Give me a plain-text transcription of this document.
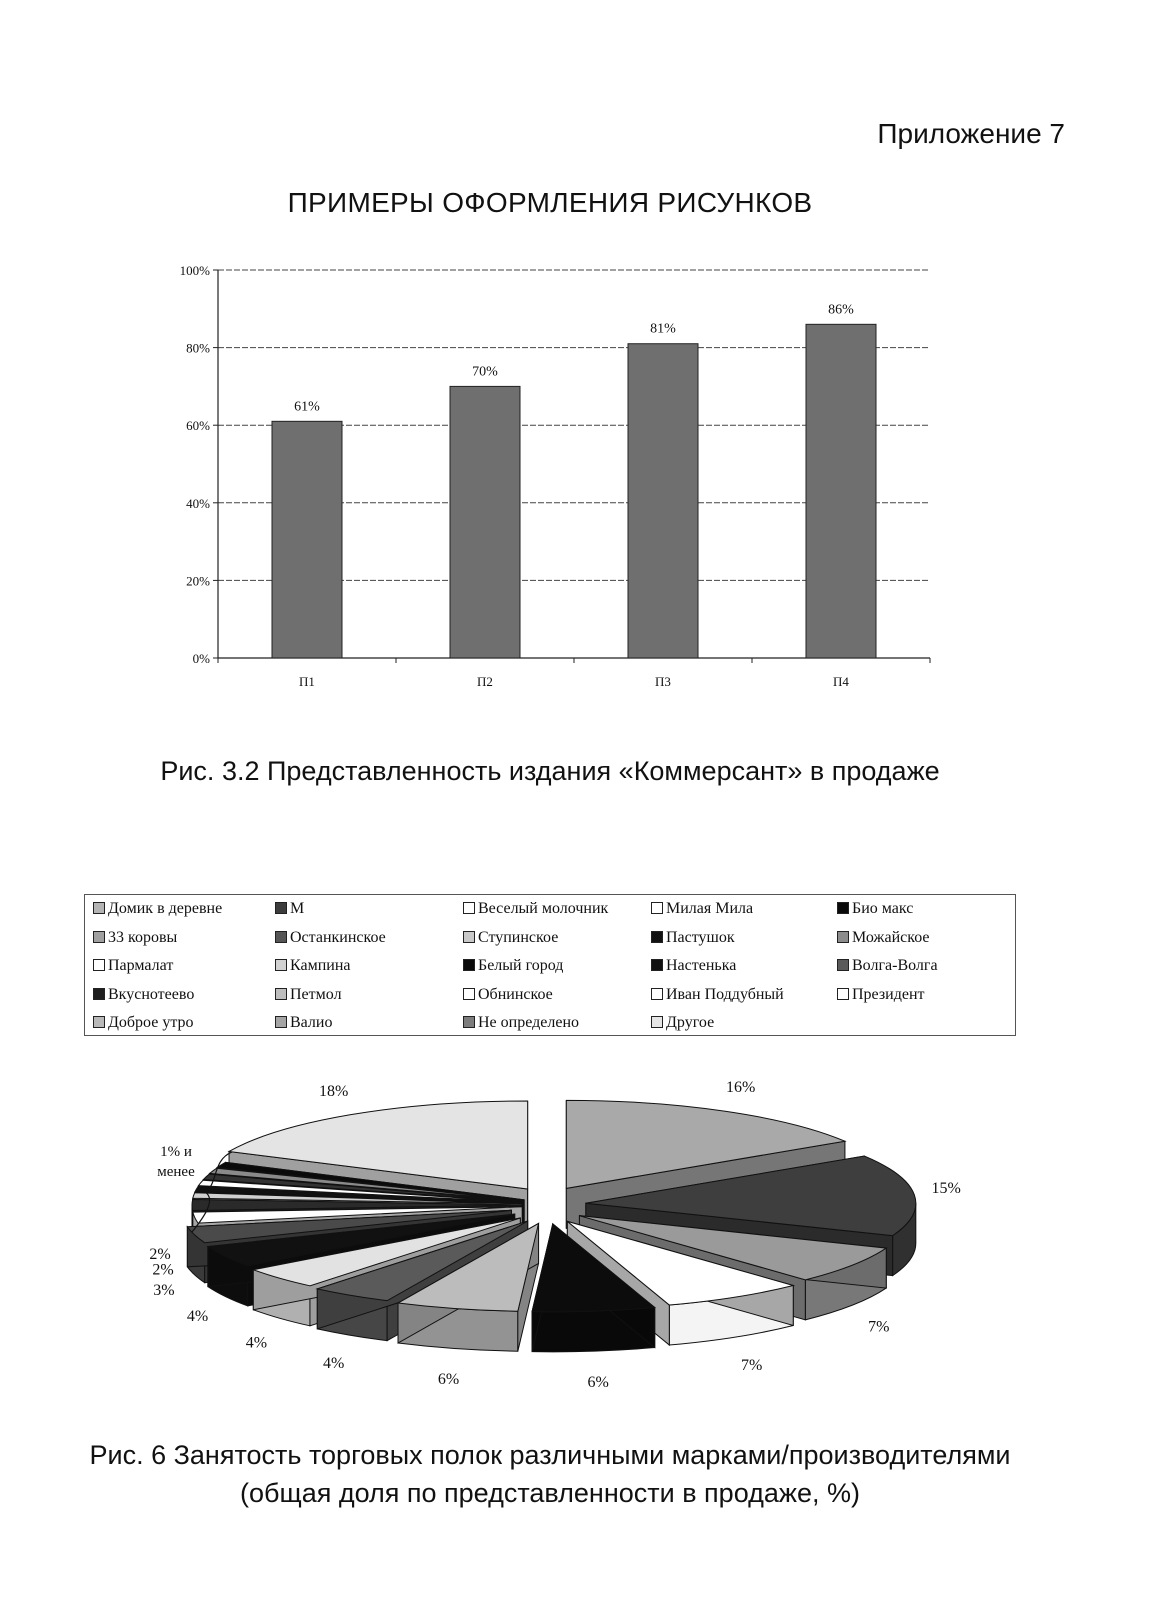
Приложение 7
ПРИМЕРЫ ОФОРМЛЕНИЯ РИСУНКОВ
0%
20%
40%
60%
80%
100%
61%
П1
70%
П2
81%
П3
86%
П4
Рис. 3.2 Представленность издания «Коммерсант» в продаже
Домик в деревне	М	Веселый молочник	Милая Мила	Био макс
33 коровы	Останкинское	Ступинское	Пастушок	Можайское
Пармалат	Кампина	Белый город	Настенька	Волга-Волга
Вкуснотеево	Петмол	Обнинское	Иван Поддубный	Президент
Доброе утро	Валио	Не определено	Другое
16%
15%
7%
7%
6%
6%
4%
4%
4%
3%
2%
2%
18%
1% и
менее
Рис. 6 Занятость торговых полок различными марками/производителями
(общая доля по представленности в продаже, %)
